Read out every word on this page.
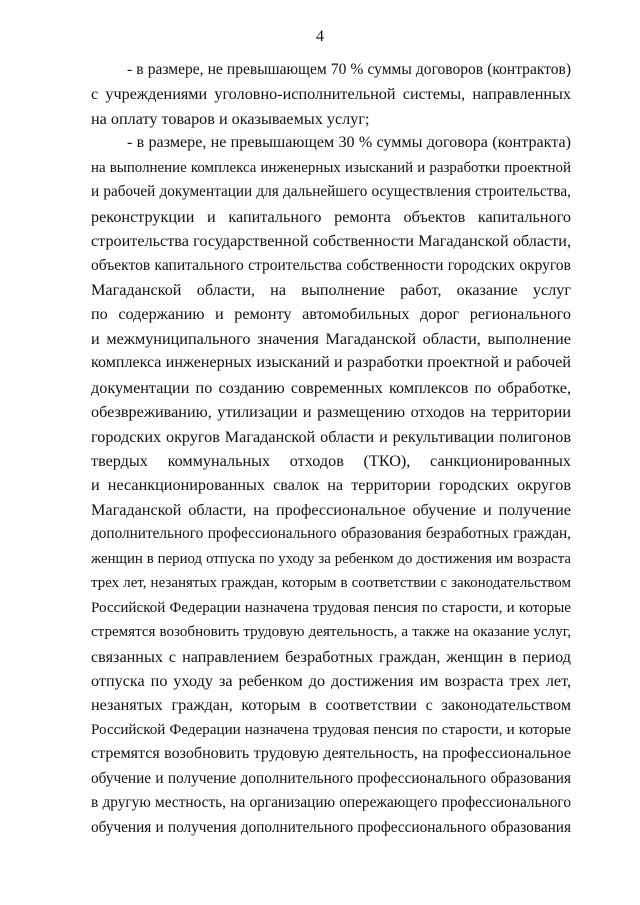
4
- в размере, не превышающем 70 % суммы договоров (контрактов)
с учреждениями уголовно-исполнительной системы, направленных
на оплату товаров и оказываемых услуг;
- в размере, не превышающем 30 % суммы договора (контракта)
на выполнение комплекса инженерных изысканий и разработки проектной
и рабочей документации для дальнейшего осуществления строительства,
реконструкции и капитального ремонта объектов капитального
строительства государственной собственности Магаданской области,
объектов капитального строительства собственности городских округов
Магаданской области, на выполнение работ, оказание услуг
по содержанию и ремонту автомобильных дорог регионального
и межмуниципального значения Магаданской области, выполнение
комплекса инженерных изысканий и разработки проектной и рабочей
документации по созданию современных комплексов по обработке,
обезвреживанию, утилизации и размещению отходов на территории
городских округов Магаданской области и рекультивации полигонов
твердых коммунальных отходов (ТКО), санкционированных
и несанкционированных свалок на территории городских округов
Магаданской области, на профессиональное обучение и получение
дополнительного профессионального образования безработных граждан,
женщин в период отпуска по уходу за ребенком до достижения им возраста
трех лет, незанятых граждан, которым в соответствии с законодательством
Российской Федерации назначена трудовая пенсия по старости, и которые
стремятся возобновить трудовую деятельность, а также на оказание услуг,
связанных с направлением безработных граждан, женщин в период
отпуска по уходу за ребенком до достижения им возраста трех лет,
незанятых граждан, которым в соответствии с законодательством
Российской Федерации назначена трудовая пенсия по старости, и которые
стремятся возобновить трудовую деятельность, на профессиональное
обучение и получение дополнительного профессионального образования
в другую местность, на организацию опережающего профессионального
обучения и получения дополнительного профессионального образования
